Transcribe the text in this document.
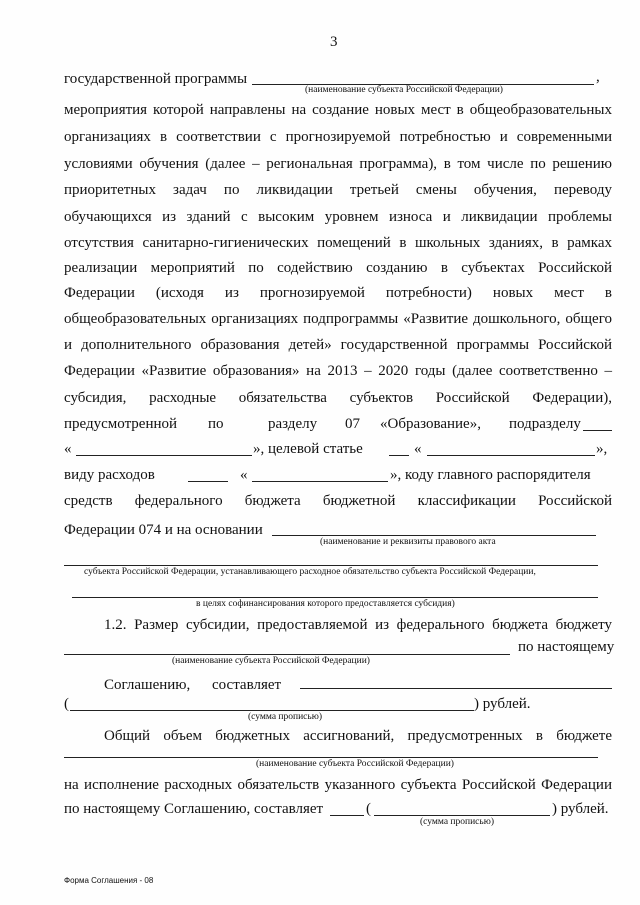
3
государственной программы	,
(наименование субъекта Российской Федерации)
мероприятия которой направлены на создание новых мест в общеобразовательных
организациях в соответствии с прогнозируемой потребностью и современными
условиями обучения (далее – региональная программа), в том числе по решению
приоритетных задач по ликвидации третьей смены обучения, переводу
обучающихся из зданий с высоким уровнем износа и ликвидации проблемы
отсутствия санитарно-гигиенических помещений в школьных зданиях, в рамках
реализации мероприятий по содействию созданию в субъектах Российской
Федерации (исходя из прогнозируемой потребности) новых мест в
общеобразовательных организациях подпрограммы «Развитие дошкольного, общего
и дополнительного образования детей» государственной программы Российской
Федерации «Развитие образования» на 2013 – 2020 годы (далее соответственно –
субсидия, расходные обязательства субъектов Российской Федерации),
предусмотренной по	разделу 07 «Образование», подразделу
«	», целевой статье	«	»,
виду расходов	«	», коду главного распорядителя
средств федерального бюджета бюджетной классификации Российской
Федерации 074 и на основании
(наименование и реквизиты правового акта
субъекта Российской Федерации, устанавливающего расходное обязательство субъекта Российской Федерации,
в целях софинансирования которого предоставляется субсидия)
1.2. Размер субсидии, предоставляемой из федерального бюджета бюджету
по настоящему
(наименование субъекта Российской Федерации)
Соглашению, составляет
(	) рублей.
(сумма прописью)
Общий объем бюджетных ассигнований, предусмотренных в бюджете
(наименование субъекта Российской Федерации)
на исполнение расходных обязательств указанного субъекта Российской Федерации
по настоящему Соглашению, составляет	(	) рублей.
(сумма прописью)
Форма Соглашения - 08
